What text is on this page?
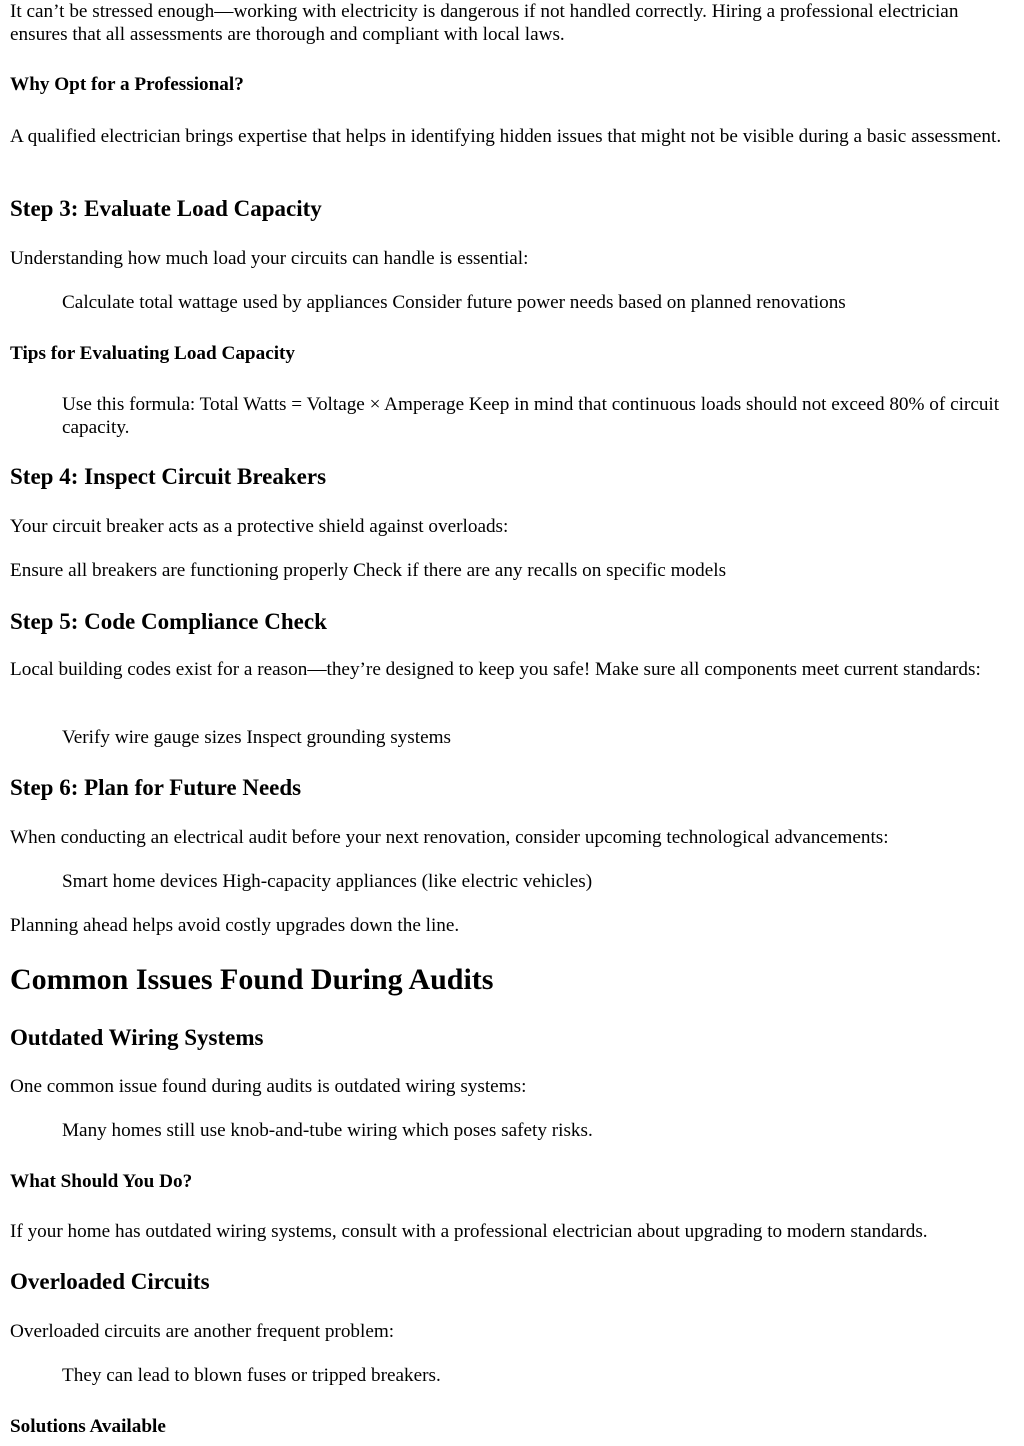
It can’t be stressed enough—working with electricity is dangerous if not handled correctly. Hiring a professional electrician ensures that all assessments are thorough and compliant with local laws.

Why Opt for a Professional?

A qualified electrician brings expertise that helps in identifying hidden issues that might not be visible during a basic assessment.

Step 3: Evaluate Load Capacity

Understanding how much load your circuits can handle is essential:

Calculate total wattage used by appliances Consider future power needs based on planned renovations

Tips for Evaluating Load Capacity

Use this formula: Total Watts = Voltage × Amperage Keep in mind that continuous loads should not exceed 80% of circuit capacity.

Step 4: Inspect Circuit Breakers

Your circuit breaker acts as a protective shield against overloads:

Ensure all breakers are functioning properly Check if there are any recalls on specific models

Step 5: Code Compliance Check

Local building codes exist for a reason—they’re designed to keep you safe! Make sure all components meet current standards:

Verify wire gauge sizes Inspect grounding systems

Step 6: Plan for Future Needs

When conducting an electrical audit before your next renovation, consider upcoming technological advancements:

Smart home devices High-capacity appliances (like electric vehicles)

Planning ahead helps avoid costly upgrades down the line.

Common Issues Found During Audits
Outdated Wiring Systems

One common issue found during audits is outdated wiring systems:

Many homes still use knob-and-tube wiring which poses safety risks.

What Should You Do?

If your home has outdated wiring systems, consult with a professional electrician about upgrading to modern standards.

Overloaded Circuits

Overloaded circuits are another frequent problem:

They can lead to blown fuses or tripped breakers.

Solutions Available
